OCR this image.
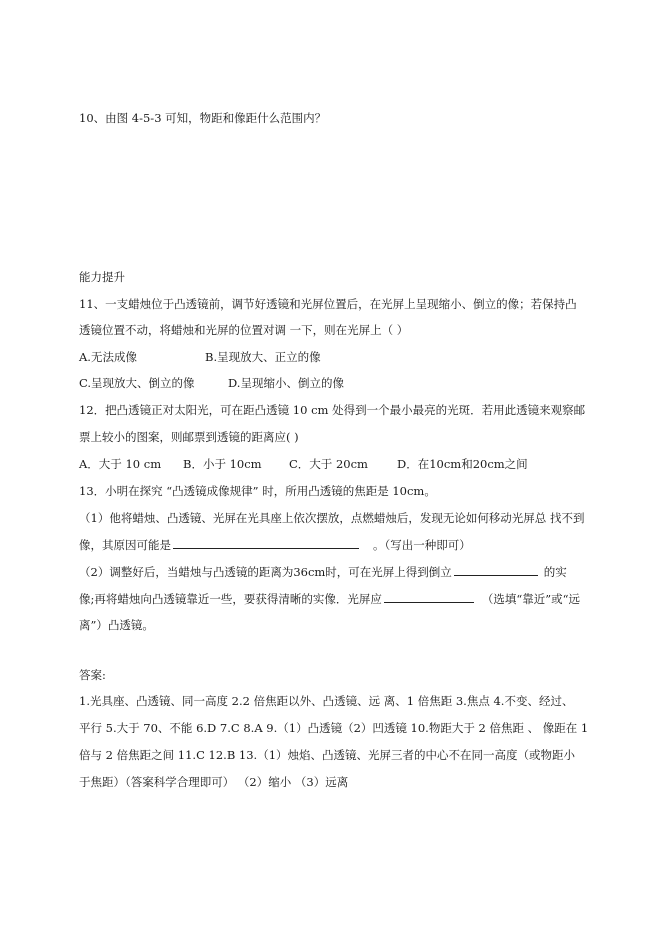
10、由图 4-5-3 可知，物距和像距什么范围内？
能力提升
11、一支蜡烛位于凸透镜前，调节好透镜和光屏位置后，在光屏上呈现缩小、倒立的像；若保持凸
透镜位置不动，将蜡烛和光屏的位置对调 一下，则在光屏上（ ）
A.无法成像	B.呈现放大、正立的像
C.呈现放大、倒立的像	D.呈现缩小、倒立的像
12．把凸透镜正对太阳光，可在距凸透镜 10 cm 处得到一个最小最亮的光斑．若用此透镜来观察邮
票上较小的图案，则邮票到透镜的距离应( )
A．大于 10 cm B．小于 10cm C．大于 20cm	D．在10cm和20cm之间
13．小明在探究 “凸透镜成像规律” 时，所用凸透镜的焦距是 10cm。
（1）他将蜡烛、凸透镜、光屏在光具座上依次摆放，点燃蜡烛后，发现无论如何移动光屏总 找不到
像，其原因可能是	。（写出一种即可）
（2）调整好后，当蜡烛与凸透镜的距离为36cm时，可在光屏上得到倒立	的实
像;再将蜡烛向凸透镜靠近一些，要获得清晰的实像．光屏应	（选填“靠近”或“远
离”）凸透镜。
答案:
1.光具座、凸透镜、同一高度 2.2 倍焦距以外、凸透镜、远 离、1 倍焦距 3.焦点 4.不变、经过、
平行 5.大于 70、不能 6.D 7.C 8.A 9.（1）凸透镜（2）凹透镜 10.物距大于 2 倍焦距 、 像距在 1
倍与 2 倍焦距之间 11.C 12.B 13.（1）烛焰、凸透镜、光屏三者的中心不在同一高度（或物距小
于焦距）（答案科学合理即可） （2）缩小 （3）远离
